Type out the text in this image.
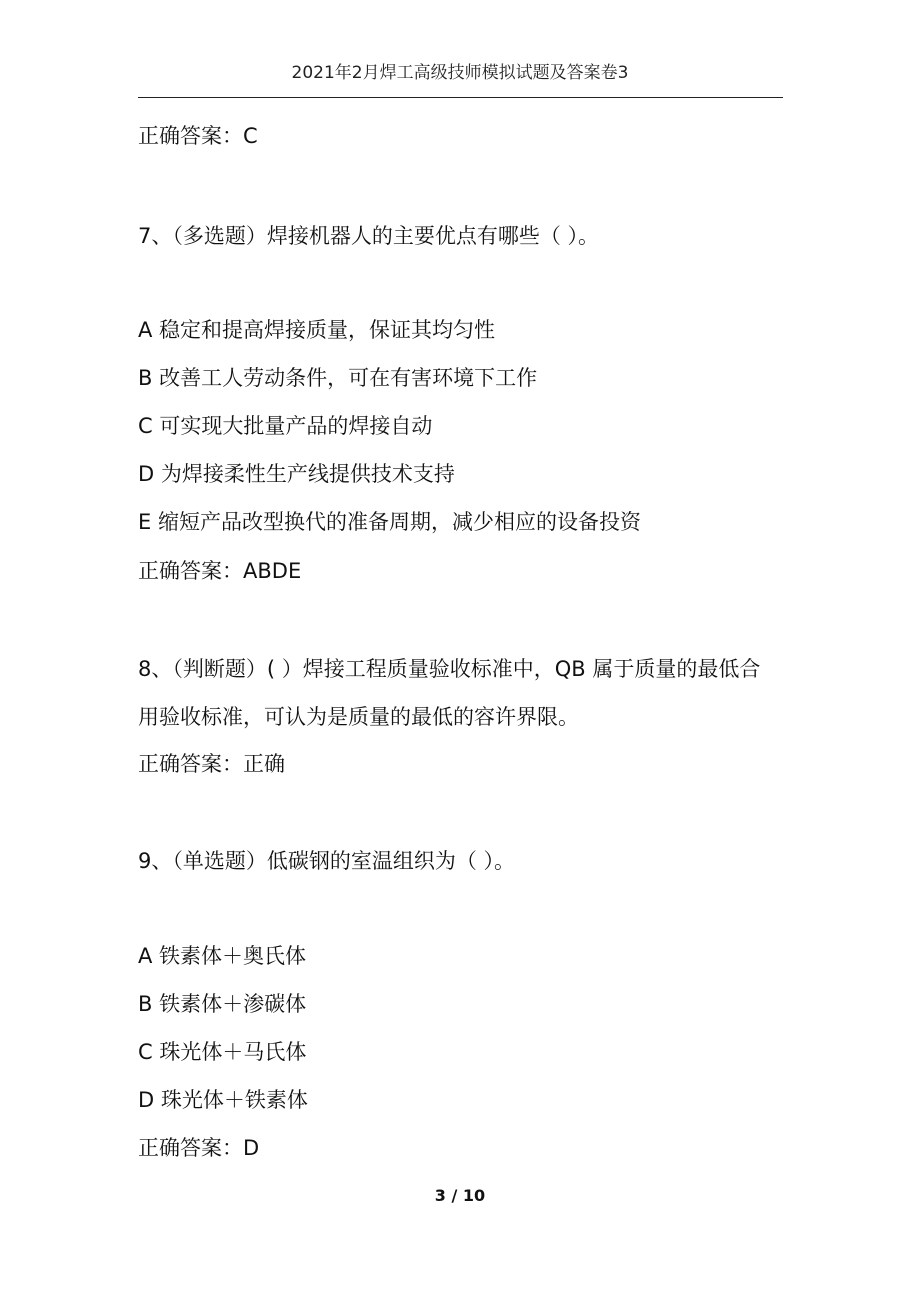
2021年2月焊工高级技师模拟试题及答案卷3
正确答案：C
7、（多选题）焊接机器人的主要优点有哪些（ ）。
A 稳定和提高焊接质量，保证其均匀性
B 改善工人劳动条件，可在有害环境下工作
C 可实现大批量产品的焊接自动
D 为焊接柔性生产线提供技术支持
E 缩短产品改型换代的准备周期，减少相应的设备投资
正确答案：ABDE
8、（判断题）( ）焊接工程质量验收标准中，QB 属于质量的最低合
用验收标准，可认为是质量的最低的容许界限。
正确答案：正确
9、（单选题）低碳钢的室温组织为（ ）。
A 铁素体＋奥氏体
B 铁素体＋渗碳体
C 珠光体＋马氏体
D 珠光体＋铁素体
正确答案：D
3 / 10
